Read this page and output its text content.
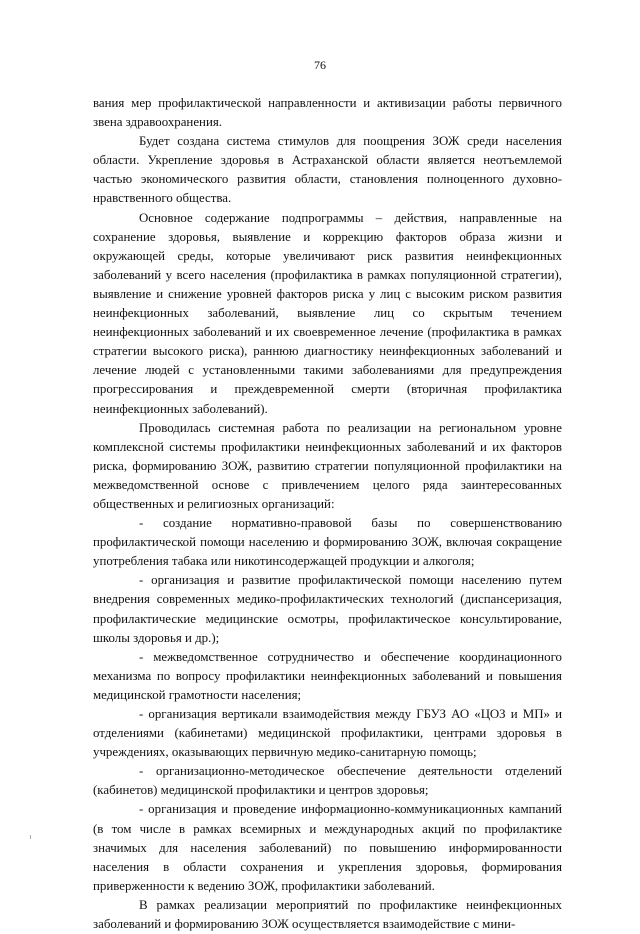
76

вания мер профилактической направленности и активизации работы первичного звена здравоохранения.

Будет создана система стимулов для поощрения ЗОЖ среди населения области. Укрепление здоровья в Астраханской области является неотъемлемой частью экономического развития области, становления полноценного духовно-нравственного общества.

Основное содержание подпрограммы – действия, направленные на сохранение здоровья, выявление и коррекцию факторов образа жизни и окружающей среды, которые увеличивают риск развития неинфекционных заболеваний у всего населения (профилактика в рамках популяционной стратегии), выявление и снижение уровней факторов риска у лиц с высоким риском развития неинфекционных заболеваний, выявление лиц со скрытым течением неинфекционных заболеваний и их своевременное лечение (профилактика в рамках стратегии высокого риска), раннюю диагностику неинфекционных заболеваний и лечение людей с установленными такими заболеваниями для предупреждения прогрессирования и преждевременной смерти (вторичная профилактика неинфекционных заболеваний).

Проводилась системная работа по реализации на региональном уровне комплексной системы профилактики неинфекционных заболеваний и их факторов риска, формированию ЗОЖ, развитию стратегии популяционной профилактики на межведомственной основе с привлечением целого ряда заинтересованных общественных и религиозных организаций:

- создание нормативно-правовой базы по совершенствованию профилактической помощи населению и формированию ЗОЖ, включая сокращение употребления табака или никотинсодержащей продукции и алкоголя;

- организация и развитие профилактической помощи населению путем внедрения современных медико-профилактических технологий (диспансеризация, профилактические медицинские осмотры, профилактическое консультирование, школы здоровья и др.);

- межведомственное сотрудничество и обеспечение координационного механизма по вопросу профилактики неинфекционных заболеваний и повышения медицинской грамотности населения;

- организация вертикали взаимодействия между ГБУЗ АО «ЦОЗ и МП» и отделениями (кабинетами) медицинской профилактики, центрами здоровья в учреждениях, оказывающих первичную медико-санитарную помощь;

- организационно-методическое обеспечение деятельности отделений (кабинетов) медицинской профилактики и центров здоровья;

- организация и проведение информационно-коммуникационных кампаний (в том числе в рамках всемирных и международных акций по профилактике значимых для населения заболеваний) по повышению информированности населения в области сохранения и укрепления здоровья, формирования приверженности к ведению ЗОЖ, профилактики заболеваний.

В рамках реализации мероприятий по профилактике неинфекционных заболеваний и формированию ЗОЖ осуществляется взаимодействие с мини-
